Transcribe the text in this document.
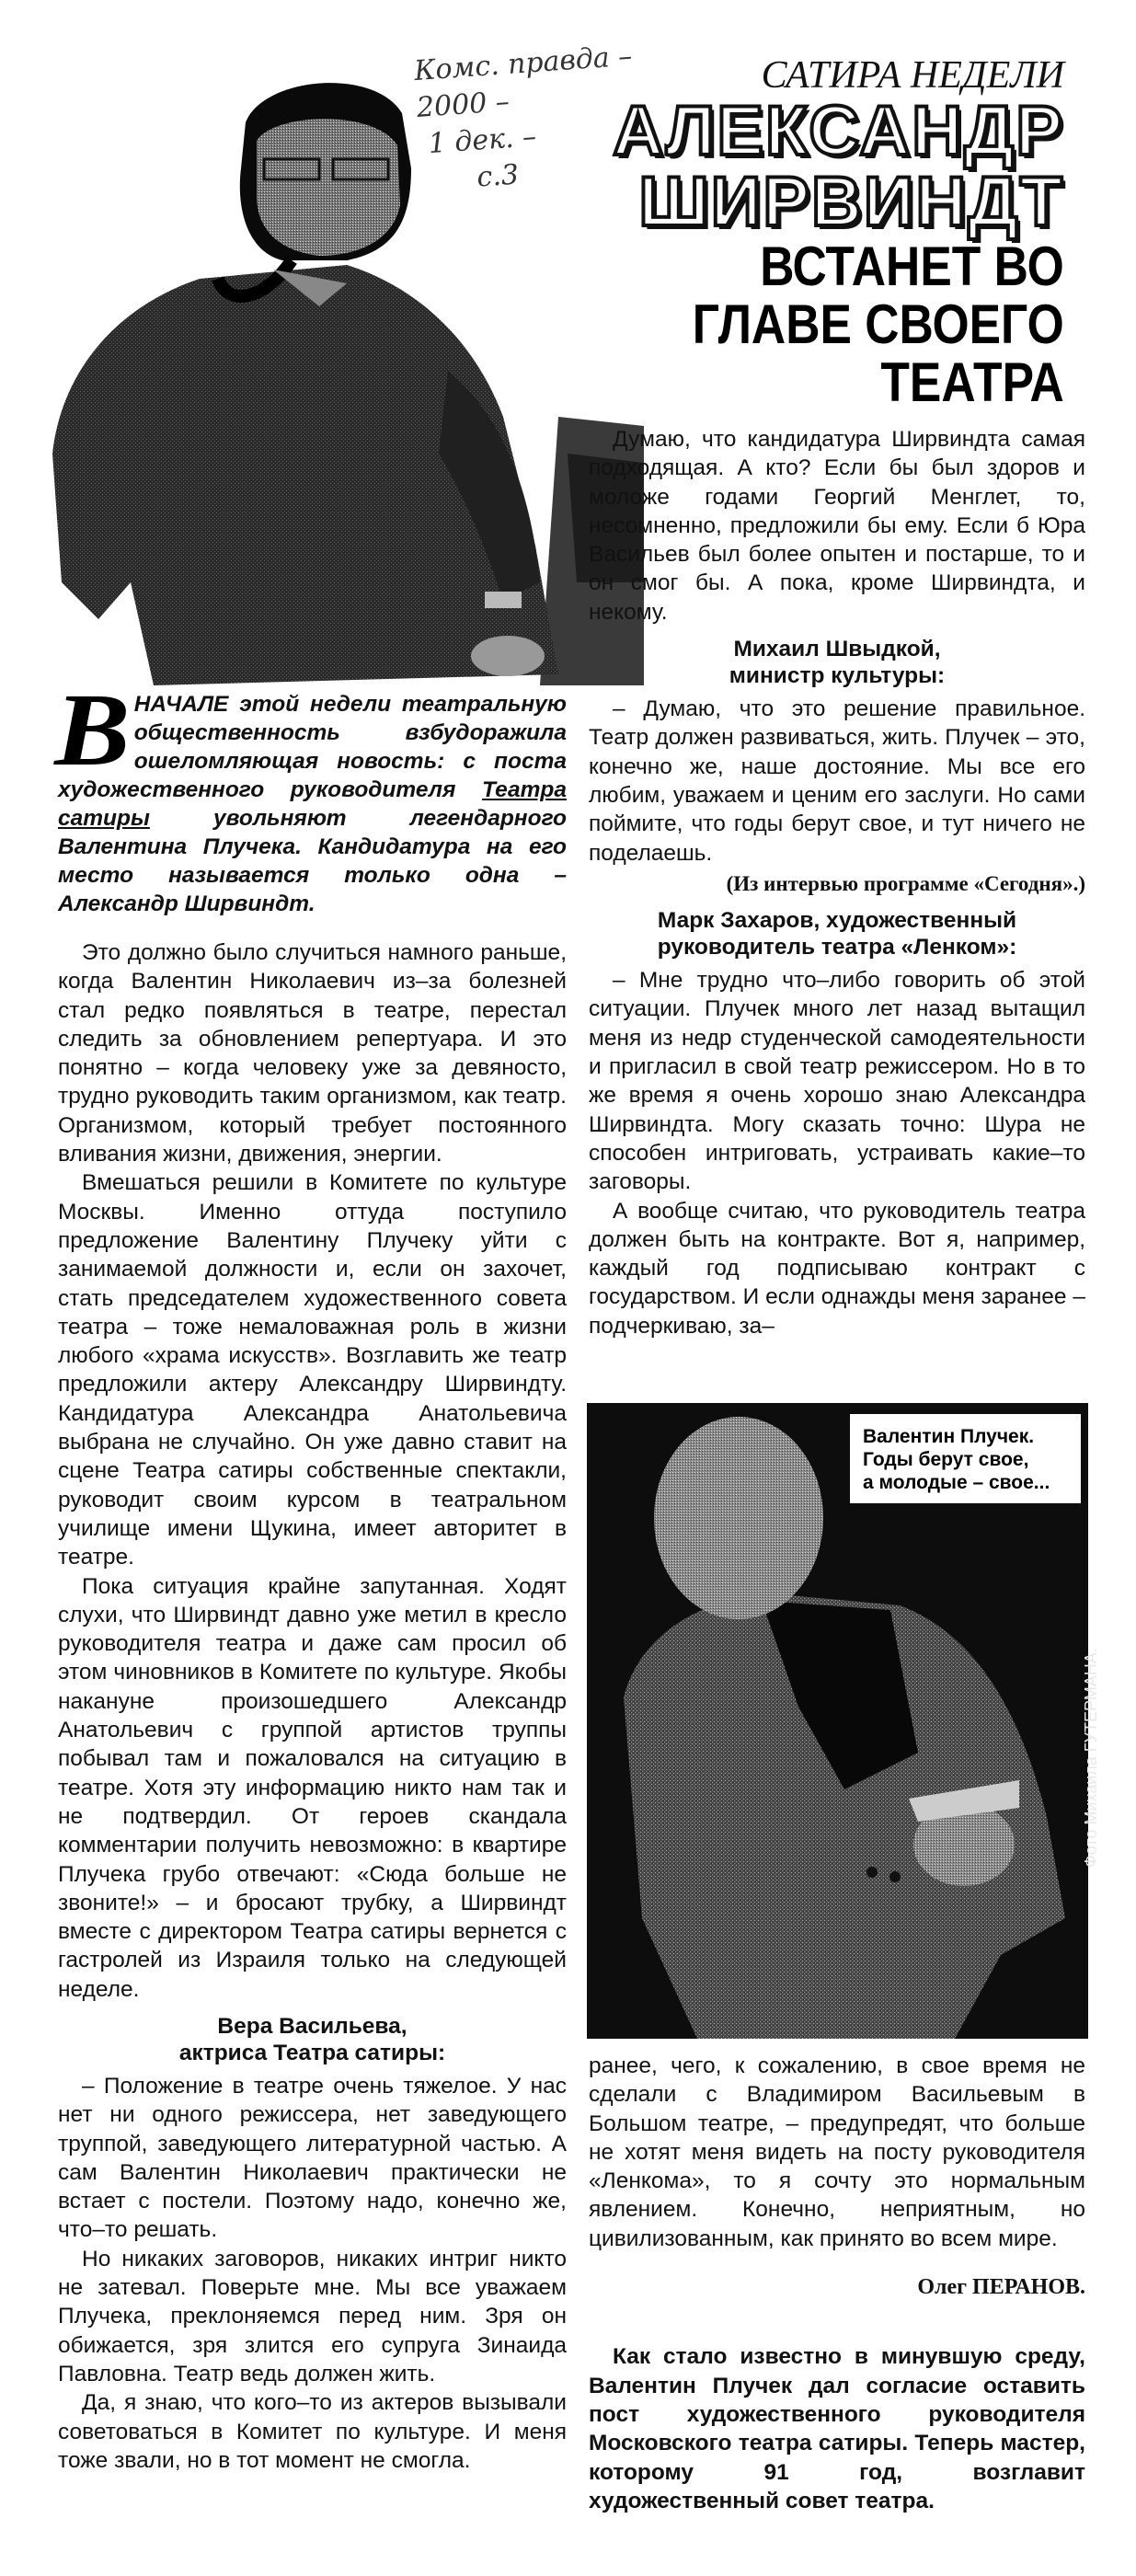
Комс. правда –
2000 –
1 дек. –
с.3
САТИРА НЕДЕЛИ
АЛЕКСАНДР
ШИРВИНДТ
ВСТАНЕТ ВО
ГЛАВЕ СВОЕГО
ТЕАТРА

Думаю, что кандидатура Ширвиндта самая подходящая. А кто? Если бы был здоров и моложе годами Георгий Менглет, то, несомненно, предложили бы ему. Если б Юра Васильев был более опытен и постарше, то и он смог бы. А пока, кроме Ширвиндта, и некому.

Михаил Швыдкой,
министр культуры:

– Думаю, что это решение правильное. Театр должен развиваться, жить. Плучек – это, конечно же, наше достояние. Мы все его любим, уважаем и ценим его заслуги. Но сами поймите, что годы берут свое, и тут ничего не поделаешь.

(Из интервью программе «Сегодня».)

Марк Захаров, художественный
руководитель театра «Ленком»:

– Мне трудно что–либо говорить об этой ситуации. Плучек много лет назад вытащил меня из недр студенческой самодеятельности и пригласил в свой театр режиссером. Но в то же время я очень хорошо знаю Александра Ширвиндта. Могу сказать точно: Шура не способен интриговать, устраивать какие–то заговоры.

А вообще считаю, что руководитель театра должен быть на контракте. Вот я, например, каждый год подписываю контракт с государством. И если однажды меня заранее – подчеркиваю, за–

ВНАЧАЛЕ этой недели театральную общественность взбудоражила ошеломляющая новость: с поста художественного руководителя Театра сатиры увольняют легендарного Валентина Плучека. Кандидатура на его место называется только одна – Александр Ширвиндт.

Это должно было случиться намного раньше, когда Валентин Николаевич из–за болезней стал редко появляться в театре, перестал следить за обновлением репертуара. И это понятно – когда человеку уже за девяносто, трудно руководить таким организмом, как театр. Организмом, который требует постоянного вливания жизни, движения, энергии.

Вмешаться решили в Комитете по культуре Москвы. Именно оттуда поступило предложение Валентину Плучеку уйти с занимаемой должности и, если он захочет, стать председателем художественного совета театра – тоже немаловажная роль в жизни любого «храма искусств». Возглавить же театр предложили актеру Александру Ширвиндту. Кандидатура Александра Анатольевича выбрана не случайно. Он уже давно ставит на сцене Театра сатиры собственные спектакли, руководит своим курсом в театральном училище имени Щукина, имеет авторитет в театре.

Пока ситуация крайне запутанная. Ходят слухи, что Ширвиндт давно уже метил в кресло руководителя театра и даже сам просил об этом чиновников в Комитете по культуре. Якобы накануне произошедшего Александр Анатольевич с группой артистов труппы побывал там и пожаловался на ситуацию в театре. Хотя эту информацию никто нам так и не подтвердил. От героев скандала комментарии получить невозможно: в квартире Плучека грубо отвечают: «Сюда больше не звоните!» – и бросают трубку, а Ширвиндт вместе с директором Театра сатиры вернется с гастролей из Израиля только на следующей неделе.

Вера Васильева,
актриса Театра сатиры:

– Положение в театре очень тяжелое. У нас нет ни одного режиссера, нет заведующего труппой, заведующего литературной частью. А сам Валентин Николаевич практически не встает с постели. Поэтому надо, конечно же, что–то решать.

Но никаких заговоров, никаких интриг никто не затевал. Поверьте мне. Мы все уважаем Плучека, преклоняемся перед ним. Зря он обижается, зря злится его супруга Зинаида Павловна. Театр ведь должен жить.

Да, я знаю, что кого–то из актеров вызывали советоваться в Комитет по культуре. И меня тоже звали, но в тот момент не смогла.

Валентин Плучек.
Годы берут свое,
а молодые – свое...
Фото Михаила ГУТЕРМАНА.

ранее, чего, к сожалению, в свое время не сделали с Владимиром Васильевым в Большом театре, – предупредят, что больше не хотят меня видеть на посту руководителя «Ленкома», то я сочту это нормальным явлением. Конечно, неприятным, но цивилизованным, как принято во всем мире.

Олег ПЕРАНОВ.

Как стало известно в минувшую среду, Валентин Плучек дал согласие оставить пост художественного руководителя Московского театра сатиры. Теперь мастер, которому 91 год, возглавит художественный совет театра.
